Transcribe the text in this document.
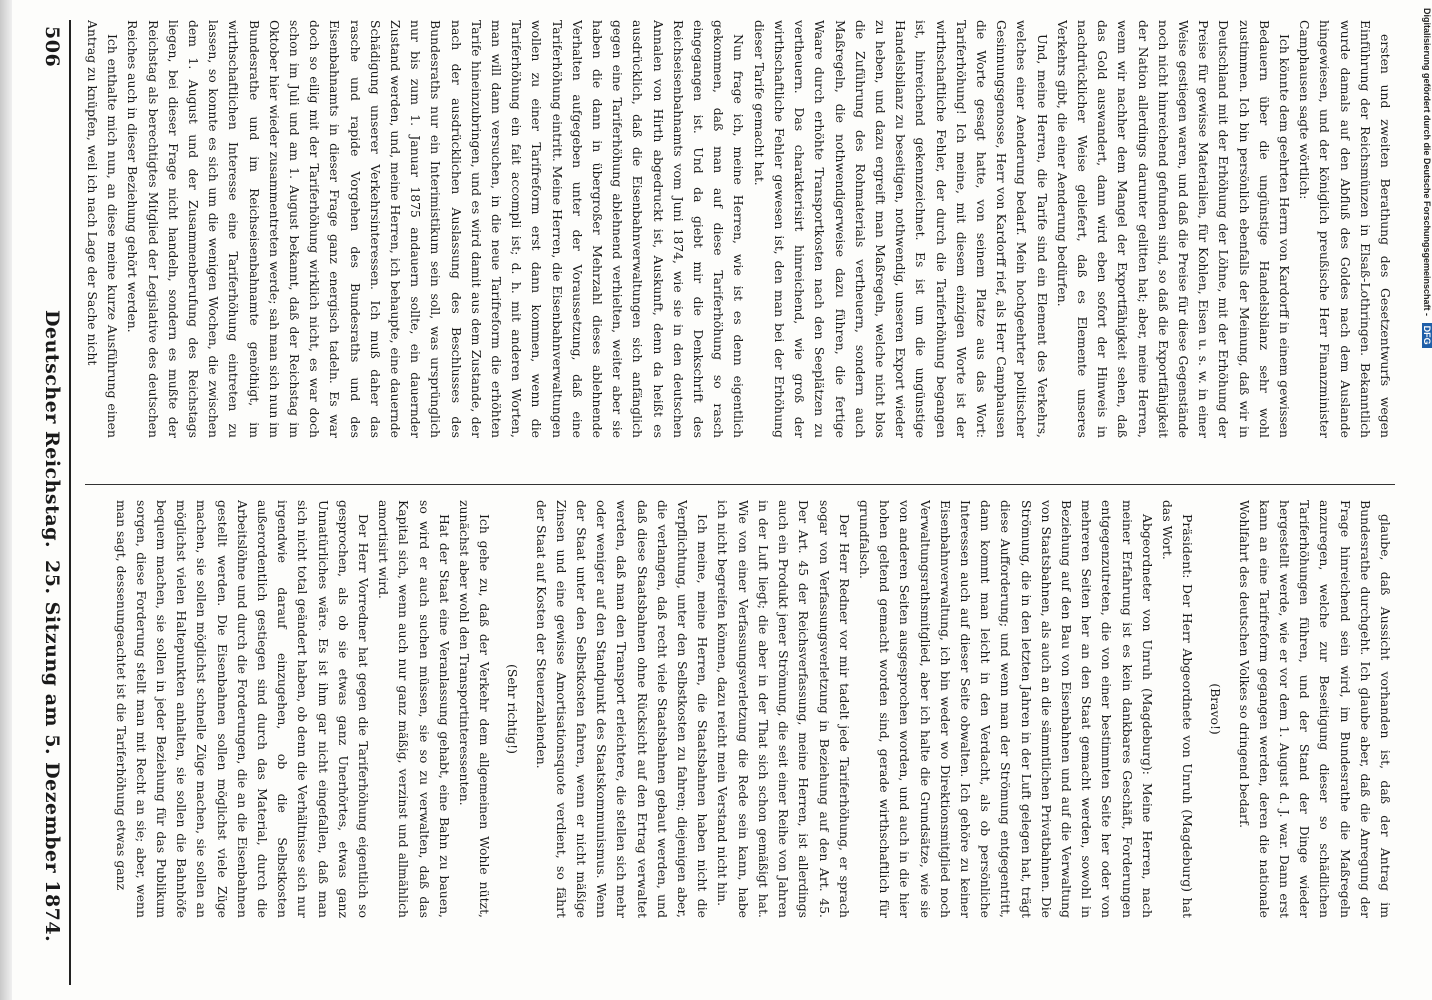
506
Deutscher Reichstag.
25. Sitzung am 5. Dezember 1874.

ersten und zweiten Berathung des Gesetzentwurfs wegen Einführung der Reichsmünzen in Elsaß-Lothringen. Bekanntlich wurde damals auf den Abfluß des Goldes nach dem Auslande hingewiesen, und der königlich preußische Herr Finanzminister Camphausen sagte wörtlich:

Ich könnte dem geehrten Herrn von Kardorff in einem gewissen Bedauern über die ungünstige Handelsbilanz sehr wohl zustimmen. Ich bin persönlich ebenfalls der Meinung, daß wir in Deutschland mit der Erhöhung der Löhne, mit der Erhöhung der Preise für gewisse Materialien, für Kohlen, Eisen u. s. w. in einer Weise gestiegen waren, und daß die Preise für diese Gegenstände noch nicht hinreichend gefunden sind, so daß die Exportfähigkeit der Nation allerdings darunter gelitten hat; aber, meine Herren, wenn wir nachher dem Mangel der Exportfähigkeit sehen, daß das Gold auswandert, dann wird eben sofort der Hinweis in nachdrücklicher Weise geliefert, daß es Elemente unseres Verkehrs gibt, die einer Aenderung bedürfen.

Und, meine Herren, die Tarife sind ein Element des Verkehrs, welches einer Aenderung bedarf. Mein hochgeehrter politischer Gesinnungsgenosse, Herr von Kardorff rief, als Herr Camphausen die Worte gesagt hatte, von seinem Platze aus das Wort: Tariferhöhung! Ich meine, mit diesem einzigen Worte ist der wirthschaftliche Fehler, der durch die Tariferhöhung begangen ist, hinreichend gekennzeichnet. Es ist um die ungünstige Handelsbilanz zu beseitigen, nothwendig, unseren Export wieder zu heben, und dazu ergreift man Maßregeln, welche nicht blos die Zuführung des Rohmaterials vertheuern, sondern auch Maßregeln, die nothwendigerweise dazu führen, die fertige Waare durch erhöhte Transportkosten nach den Seeplätzen zu vertheuern. Das charakterisirt hinreichend, wie groß der wirthschaftliche Fehler gewesen ist, den man bei der Erhöhung dieser Tarife gemacht hat.

Nun frage ich, meine Herren, wie ist es denn eigentlich gekommen, daß man auf diese Tariferhöhung so rasch eingegangen ist. Und da giebt mir die Denkschrift des Reichseisenbahnamts vom Juni 1874, wie sie in den deutschen Annalen von Hirth abgedruckt ist, Auskunft, denn da heißt es ausdrücklich, daß die Eisenbahnverwaltungen sich anfänglich gegen eine Tariferhöhung ablehnend verhielten, weiter aber sie haben die dann in übergroßer Mehrzahl dieses ablehnende Verhalten aufgegeben unter der Voraussetzung, daß eine Tariferhöhung eintritt. Meine Herren, die Eisenbahnverwaltungen wollen zu einer Tarifreform erst dann kommen, wenn die Tariferhöhung ein fait accompli ist; d. h. mit anderen Worten, man will dann versuchen, in die neue Tarifreform die erhöhten Tarife hineinzubringen, und es wird damit aus dem Zustande, der nach der ausdrücklichen Auslassung des Beschlusses des Bundesraths nur ein Interimistikum sein soll, was ursprünglich nur bis zum 1. Januar 1875 andauern sollte, ein dauernder Zustand werden, und, meine Herren, ich behaupte, eine dauernde Schädigung unserer Verkehrsinteressen. Ich muß daher das rasche und rapide Vorgehen des Bundesraths und des Eisenbahnamts in dieser Frage ganz energisch tadeln. Es war doch so eilig mit der Tariferhöhung wirklich nicht, es war doch schon im Juli und am 1. August bekannt, daß der Reichstag im Oktober hier wieder zusammentreten werde; sah man sich nun im Bundesrathe und im Reichseisenbahnamte genöthigt, im wirthschaftlichen Interesse eine Tariferhöhung eintreten zu lassen, so konnte es sich um die wenigen Wochen, die zwischen dem 1. August und der Zusammenberufung des Reichstags liegen, bei dieser Frage nicht handeln, sondern es mußte der Reichstag als berechtigtes Mitglied der Legislative des deutschen Reiches auch in dieser Beziehung gehört werden.

Ich enthalte mich nun, an diese meine kurze Ausführung einen Antrag zu knüpfen, weil ich nach Lage der Sache nicht

glaube, daß Aussicht vorhanden ist, daß der Antrag im Bundesrathe durchgeht. Ich glaube aber, daß die Anregung der Frage hinreichend sein wird, im Bundesrathe die Maßregeln anzuregen, welche zur Beseitigung dieser so schädlichen Tariferhöhungen führen, und der Stand der Dinge wieder hergestellt werde, wie er vor dem 1. August d. J. war. Dann erst kann an eine Tarifreform gegangen werden, deren die nationale Wohlfahrt des deutschen Volkes so dringend bedarf.

(Bravo!)

Präsident: Der Herr Abgeordnete von Unruh (Magdeburg) hat das Wort.

Abgeordneter von Unruh (Magdeburg): Meine Herren, nach meiner Erfahrung ist es kein dankbares Geschäft, Forderungen entgegenzutreten, die von einer bestimmten Seite her oder von mehreren Seiten her an den Staat gemacht werden, sowohl in Beziehung auf den Bau von Eisenbahnen und auf die Verwaltung von Staatsbahnen, als auch an die sämmtlichen Privatbahnen. Die Strömung, die in den letzten Jahren in der Luft gelegen hat, trägt diese Aufforderung; und wenn man der Strömung entgegentritt, dann kommt man leicht in den Verdacht, als ob persönliche Interessen auch auf dieser Seite obwalten. Ich gehöre zu keiner Eisenbahnverwaltung, ich bin weder wo Direktionsmitglied noch Verwaltungsrathsmitglied, aber ich halte die Grundsätze, wie sie von anderen Seiten ausgesprochen worden, und auch in die hier hohen geltend gemacht worden sind, gerade wirthschaftlich für grundfalsch.

Der Herr Redner vor mir tadelt jede Tariferhöhung, er sprach sogar von Verfassungsverletzung in Beziehung auf den Art. 45. Der Art. 45 der Reichsverfassung, meine Herren, ist allerdings auch ein Produkt jener Strömung, die seit einer Reihe von Jahren in der Luft liegt; die aber in der That sich schon gemäßigt hat. Wie von einer Verfassungsverletzung die Rede sein kann, habe ich nicht begreifen können, dazu reicht mein Verstand nicht hin.

Ich meine, meine Herren, die Staatsbahnen haben nicht die Verpflichtung, unter den Selbstkosten zu fahren; diejenigen aber, die verlangen, daß recht viele Staatsbahnen gebaut werden, und daß diese Staatsbahnen ohne Rücksicht auf den Ertrag verwaltet werden, daß man den Transport erleichtere, die stellen sich mehr oder weniger auf den Standpunkt des Staatskommunismus. Wenn der Staat unter den Selbstkosten fahren, wenn er nicht mäßige Zinsen und eine gewisse Amortisationsquote verdient, so fährt der Staat auf Kosten der Steuerzahlenden.

(Sehr richtig!)

Ich gehe zu, daß der Verkehr dem allgemeinen Wohle nützt, zunächst aber wohl den Transportinteressenten.

Hat der Staat eine Veranlassung gehabt, eine Bahn zu bauen, so wird er auch suchen müssen, sie so zu verwalten, daß das Kapital sich, wenn auch nur ganz mäßig, verzinst und allmählich amortisirt wird.

Der Herr Vorredner hat gegen die Tariferhöhung eigentlich so gesprochen, als ob sie etwas ganz Unerhörtes, etwas ganz Unnatürliches wäre. Es ist ihm gar nicht eingefallen, daß man sich nicht total geändert haben, ob denn die Verhältnisse sich nur irgendwie darauf einzugehen, ob die Selbstkosten außerordentlich gestiegen sind durch das Material, durch die Arbeitslöhne und durch die Forderungen, die an die Eisenbahnen gestellt werden. Die Eisenbahnen sollen möglichst viele Züge machen, sie sollen möglichst schnelle Züge machen, sie sollen an möglichst vielen Haltepunkten anhalten, sie sollen die Bahnhöfe bequem machen, sie sollen in jeder Beziehung für das Publikum sorgen, diese Forderung stellt man mit Recht an sie; aber, wenn man sagt, dessenungeachtet ist die Tariferhöhung etwas ganz

Digitalisierung gefördert durch die Deutsche Forschungsgemeinschaft - DFG
